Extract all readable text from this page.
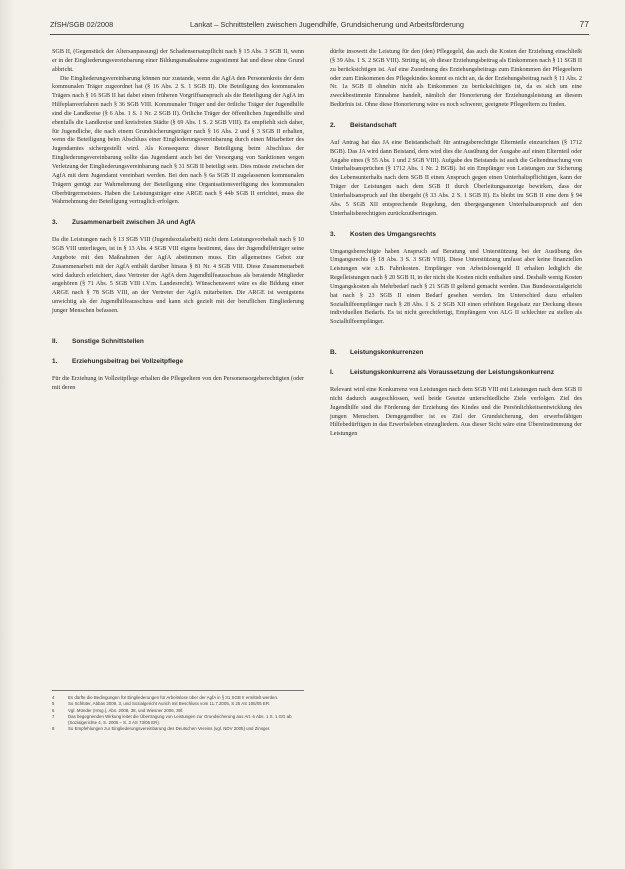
ZfSH/SGB 02/2008	Lankat – Schnittstellen zwischen Jugendhilfe, Grundsicherung und Arbeitsförderung	77

SGB II, (Gegenstück der Altersanpassung) der Schadensersatzpflicht nach § 15 Abs. 3 SGB II, wenn er in der Eingliederungsvereinbarung einer Bildungsmaßnahme zugestimmt hat und diese ohne Grund abbricht.

Die Eingliederungsvereinbarung können nur zustande, wenn die AgfA den Personenkreis der dem kommunalen Träger zugeordnet hat (§ 16 Abs. 2 S. 1 SGB II). Die Beteiligung des kommunalen Trägers nach § 16 SGB II hat dabei einen früheren Vorgriffsanspruch als die Beteiligung der AgfA im Hilfeplanverfahren nach § 36 SGB VIII. Kommunaler Träger und der örtliche Träger der Jugendhilfe sind die Landkreise (§ 6 Abs. 1 S. 1 Nr. 2 SGB II). Örtliche Träger der öffentlichen Jugendhilfe sind ebenfalls die Landkreise und kreisfreien Städte (§ 69 Abs. 1 S. 2 SGB VIII). Es empfiehlt sich daher, für Jugendliche, die nach einem Grundsicherungsträger nach § 16 Abs. 2 und § 3 SGB II erhalten, wenn die Beteiligung beim Abschluss einer Eingliederungsvereinbarung durch einen Mitarbeiter des Jugendamtes sichergestellt wird. Als Konsequenz dieser Beteiligung beim Abschluss der Eingliederungsvereinbarung sollte das Jugendamt auch bei der Versorgung von Sanktionen wegen Verletzung der Eingliederungsvereinbarung nach § 31 SGB II beteiligt sein. Dies müsste zwischen der AgfA mit dem Jugendamt vereinbart werden. Bei den nach § 6a SGB II zugelassenen kommunalen Trägern genügt zur Wahrnehmung der Beteiligung eine Organisationsverfügung des kommunalen Oberbürgermeisters. Haben die Leistungsträger eine ARGE nach § 44b SGB II errichtet, muss die Wahrnehmung der Beteiligung vertraglich erfolgen.

3. Zusammenarbeit zwischen JA und AgfA

Da die Leistungen nach § 13 SGB VIII (Jugendsozialarbeit) nicht dem Leistungsvorbehalt nach § 10 SGB VIII unterliegen, ist in § 13 Abs. 4 SGB VIII eigens bestimmt, dass der Jugendhilfeträger seine Angebote mit den Maßnahmen der AgfA abstimmen muss. Ein allgemeines Gebot zur Zusammenarbeit mit der AgfA enthält darüber hinaus § 81 Nr. 4 SGB VIII. Diese Zusammenarbeit wird dadurch erleichtert, dass Vertreter der AgfA dem Jugendhilfeausschuss als beratende Mitglieder angehören (§ 71 Abs. 5 SGB VIII i.V.m. Landesrecht). Wünschenswert wäre es die Bildung einer ARGE nach § 78 SGB VIII, an der Vertreter der AgfA mitarbeiten. Die ARGE ist wenigstens unwichtig als der Jugendhilfeausschuss und kann sich gezielt mit der beruflichen Eingliederung junger Menschen befassen.

II. Sonstige Schnittstellen
1. Erziehungsbeitrag bei Vollzeitpflege

Für die Erziehung in Vollzeitpflege erhalten die Pflegeeltern von den Personensorgeberechtigten (oder mit deren

4	Es dürfte die Bedingungen für Eingliederungen für Arbeitslose über der AgfA in § 31 SGB II ermittelt werden.
5	So Schlüter, Abbas 2009, 3, und Sozialgericht Aurich mit Beschluss vom 11.7.2005, S 25 AS 105/05 ER.
6	Vgl. Münder (Hrsg.), Abs. 2008, 38, und Wiesner 2006, 39f.
7	Das begegnenden Wirkung leitet die Übertragung von Leistungen zur Grundsicherung aus Art. 6 Abs. 1 S. 1 GG ab (Sozialgerichte 4, S. 2005 – S. 2 AS 73/05 ER).
8	So Empfehlungen zur Eingliederungsvereinbarung des Deutschen Vereins (vgl. NDV 2005) und Zinsger.

dürfte insoweit die Leistung für den (den) Pflegegeld, das auch die Kosten der Erziehung einschließt (§ 39 Abs. 1 S. 2 SGB VIII). Strittig ist, ob dieser Erziehungsbeitrag als Einkommen nach § 11 SGB II zu berücksichtigen ist. Auf eine Zuordnung des Erziehungsbeitrags zum Einkommen der Pflegeeltern oder zum Einkommen des Pflegekindes kommt es nicht an, da der Erziehungsbeitrag nach § 11 Abs. 2 Nr. 1a SGB II ohnehin nicht als Einkommen zu berücksichtigen ist, da es sich um eine zweckbestimmte Einnahme handelt, nämlich der Honorierung der Erziehungsleistung an diesem Bedürfnis ist. Ohne diese Honorierung wäre es noch schwerer, geeignete Pflegeeltern zu finden.

2. Beistandschaft

Auf Antrag hat das JA eine Beistandschaft für antragsberechtigte Elternteile einzurichten (§ 1712 BGB). Das JA wird dann Beistand, dem wird dies die Ausübung der Ausgabe auf einen Elternteil oder Angabe eines (§ 55 Abs. 1 und 2 SGB VIII). Aufgabe des Beistands ist auch die Geltendmachung von Unterhaltsansprüchen (§ 1712 Abs. 1 Nr. 2 BGB). Ist ein Empfänger von Leistungen zur Sicherung des Lebensunterhalts nach dem SGB II einen Anspruch gegen einen Unterhaltspflichtigen, kann der Träger der Leistungen nach dem SGB II durch Überleitungsanzeige bewirken, dass der Unterhaltsanspruch auf ihn übergeht (§ 33 Abs. 2 S. 1 SGB II). Es bleibt im SGB II eine dem § 94 Abs. 5 SGB XII entsprechende Regelung, den übergegangenen Unterhaltsanspruch auf den Unterhaltsberechtigten zurückzuübertragen.

3. Kosten des Umgangsrechts

Umgangsberechtigte haben Anspruch auf Beratung und Unterstützung bei der Ausübung des Umgangsrechts (§ 18 Abs. 3 S. 3 SGB VIII). Diese Unterstützung umfasst aber keine finanziellen Leistungen wie z.B. Fahrtkosten. Empfänger von Arbeitslosengeld II erhalten lediglich die Regelleistungen nach § 20 SGB II, in der nicht die Kosten nicht enthalten sind. Deshalb wenig Kosten Umgangskosten als Mehrbedarf nach § 21 SGB II geltend gemacht werden. Das Bundessozialgericht hat nach § 23 SGB II einen Bedarf gesehen werden. Im Unterschied dazu erhalten Sozialhilfeempfänger nach § 28 Abs. 1 S. 2 SGB XII einen erhöhten Regelsatz zur Deckung dieses individuellen Bedarfs. Es ist nicht gerechtfertigt, Empfängern von ALG II schlechter zu stellen als Sozialhilfeempfänger.

B. Leistungskonkurrenzen
I.	Leistungskonkurrenz als Voraussetzung der Leistungskonkurrenz

Relevant wird eine Konkurrenz von Leistungen nach dem SGB VIII mit Leistungen nach dem SGB II nicht dadurch ausgeschlossen, weil beide Gesetze unterschiedliche Ziele verfolgen. Ziel des Jugendhilfe sind die Förderung der Erziehung des Kindes und die Persönlichkeitsentwicklung des jungen Menschen. Demgegenüber ist es Ziel der Grundsicherung, den erwerbsfähigen Hilfebedürftigen in das Erwerbsleben einzugliedern. Aus dieser Sicht wäre eine Übereinstimmung der Leistungen
